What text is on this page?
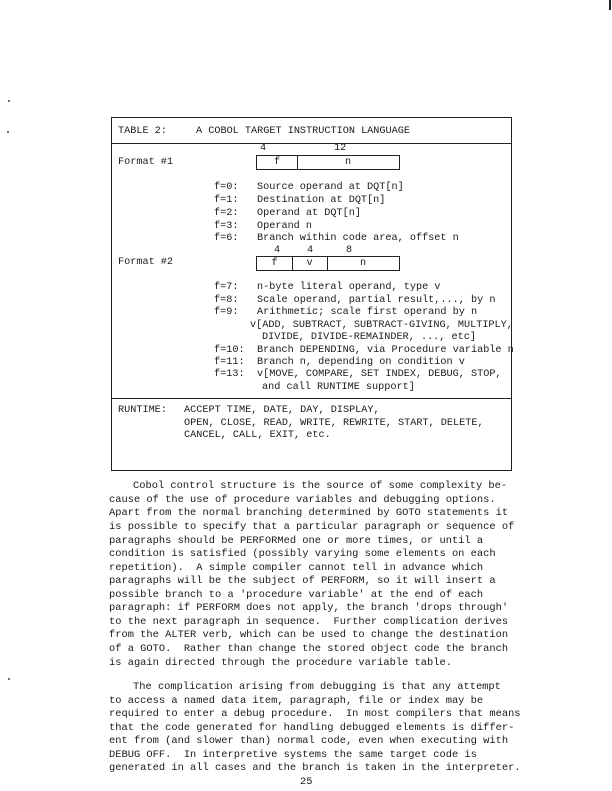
TABLE 2:	A COBOL TARGET INSTRUCTION LANGUAGE
4	12
f	n
Format #1
f=0: Source operand at DQT[n]
f=1: Destination at DQT[n]
f=2: Operand at DQT[n]
f=3: Operand n
f=6: Branch within code area, offset n
4	4	8
f	v	n
Format #2
f=7: n-byte literal operand, type v
f=8: Scale operand, partial result,..., by n
f=9: Arithmetic; scale first operand by n
v[ADD, SUBTRACT, SUBTRACT-GIVING, MULTIPLY,
DIVIDE, DIVIDE-REMAINDER, ..., etc]
f=10: Branch DEPENDING, via Procedure variable n
f=11: Branch n, depending on condition v
f=13: v[MOVE, COMPARE, SET INDEX, DEBUG, STOP,
and call RUNTIME support]
RUNTIME: ACCEPT TIME, DATE, DAY, DISPLAY,
OPEN, CLOSE, READ, WRITE, REWRITE, START, DELETE,
CANCEL, CALL, EXIT, etc.
Cobol control structure is the source of some complexity be-
cause of the use of procedure variables and debugging options.
Apart from the normal branching determined by GOTO statements it
is possible to specify that a particular paragraph or sequence of
paragraphs should be PERFORMed one or more times, or until a
condition is satisfied (possibly varying some elements on each
repetition).  A simple compiler cannot tell in advance which
paragraphs will be the subject of PERFORM, so it will insert a
possible branch to a 'procedure variable' at the end of each
paragraph: if PERFORM does not apply, the branch 'drops through'
to the next paragraph in sequence.  Further complication derives
from the ALTER verb, which can be used to change the destination
of a GOTO.  Rather than change the stored object code the branch
is again directed through the procedure variable table.
The complication arising from debugging is that any attempt
to access a named data item, paragraph, file or index may be
required to enter a debug procedure.  In most compilers that means
that the code generated for handling debugged elements is differ-
ent from (and slower than) normal code, even when executing with
DEBUG OFF.  In interpretive systems the same target code is
generated in all cases and the branch is taken in the interpreter.
25
